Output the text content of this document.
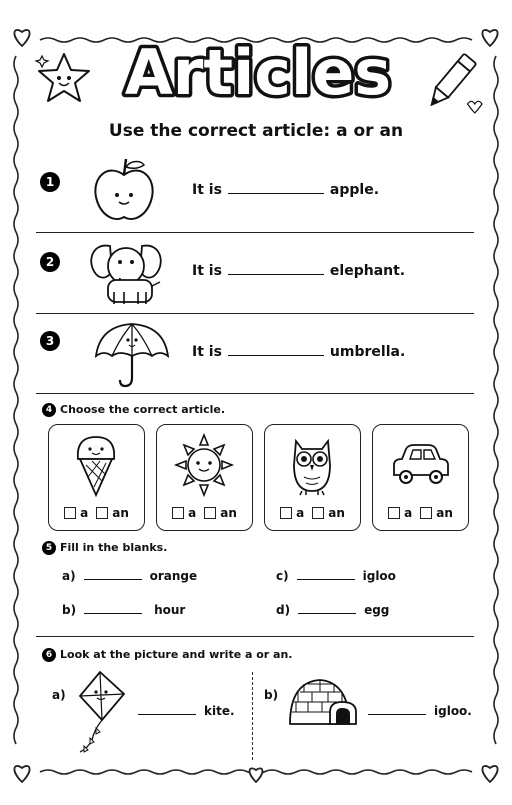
Articles
Use the correct article: a or an
1	It is	apple.
2
It is	elephant.
3
It is	umbrella.
4 Choose the correct article.
a an	a an	a an	a an
5 Fill in the blanks.
a)	orange
b)	hour
c)	igloo
d)	egg
6 Look at the picture and write a or an.
a)
kite.
b)
igloo.
